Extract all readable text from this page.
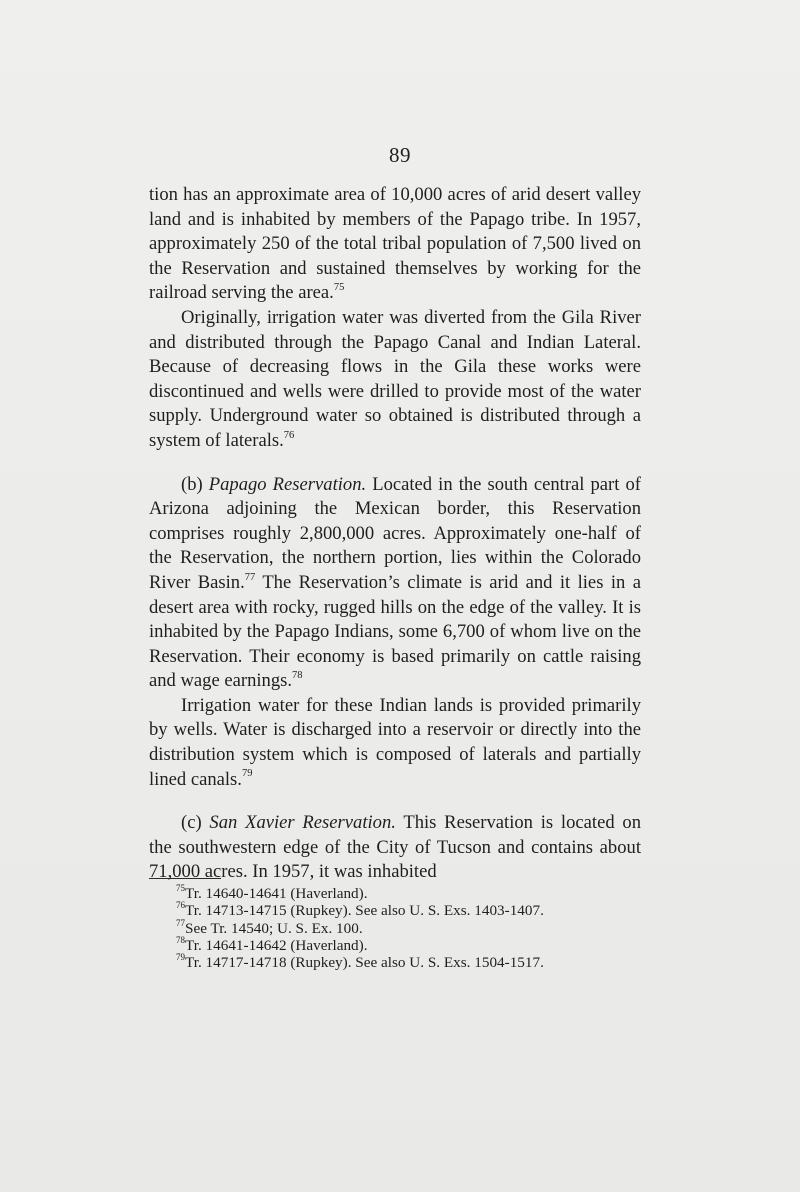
89

tion has an approximate area of 10,000 acres of arid desert valley land and is inhabited by members of the Papago tribe. In 1957, approximately 250 of the total tribal population of 7,500 lived on the Reservation and sustained themselves by working for the railroad serving the area.$^{75}$

Originally, irrigation water was diverted from the Gila River and distributed through the Papago Canal and Indian Lateral. Because of decreasing flows in the Gila these works were discontinued and wells were drilled to provide most of the water supply. Underground water so obtained is distributed through a system of laterals.$^{76}$

(b) Papago Reservation. Located in the south central part of Arizona adjoining the Mexican border, this Reservation comprises roughly 2,800,000 acres. Approximately one-half of the Reservation, the northern portion, lies within the Colorado River Basin.$^{77}$ The Reservation’s climate is arid and it lies in a desert area with rocky, rugged hills on the edge of the valley. It is inhabited by the Papago Indians, some 6,700 of whom live on the Reservation. Their economy is based primarily on cattle raising and wage earnings.$^{78}$

Irrigation water for these Indian lands is provided primarily by wells. Water is discharged into a reservoir or directly into the distribution system which is composed of laterals and partially lined canals.$^{79}$

(c) San Xavier Reservation. This Reservation is located on the southwestern edge of the City of Tucson and contains about 71,000 acres. In 1957, it was inhabited

$^{75}$Tr. 14640-14641 (Haverland).
$^{76}$Tr. 14713-14715 (Rupkey). See also U. S. Exs. 1403-1407.
$^{77}$See Tr. 14540; U. S. Ex. 100.
$^{78}$Tr. 14641-14642 (Haverland).
$^{79}$Tr. 14717-14718 (Rupkey). See also U. S. Exs. 1504-1517.
